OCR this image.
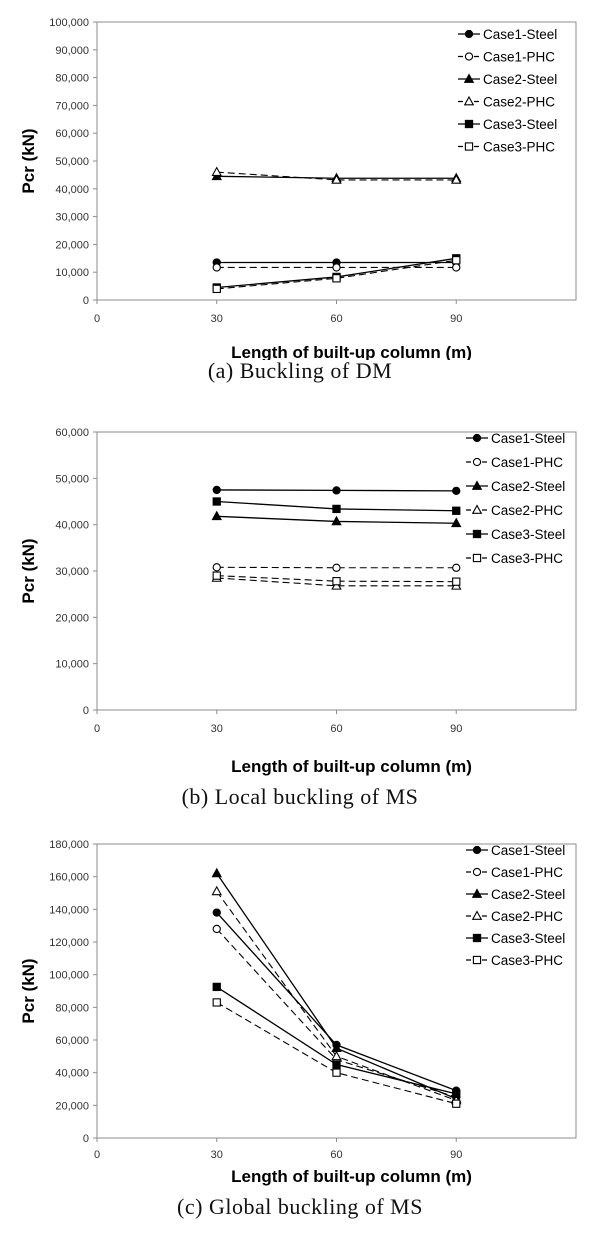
0
10,000
20,000
30,000
40,000
50,000
60,000
70,000
80,000
90,000
100,000
0	30	60	90
Length of built-up column (m)
Pcr (kN)
Case1-Steel
Case1-PHC
Case2-Steel
Case2-PHC
Case3-Steel
Case3-PHC
(a) Buckling of DM
0
10,000
20,000
30,000
40,000
50,000
60,000
0	30	60	90
Length of built-up column (m)
Pcr (kN)
Case1-Steel
Case1-PHC
Case2-Steel
Case2-PHC
Case3-Steel
Case3-PHC
(b) Local buckling of MS
0
20,000
40,000
60,000
80,000
100,000
120,000
140,000
160,000
180,000
0	30	60	90
Length of built-up column (m)
Pcr (kN)
Case1-Steel
Case1-PHC
Case2-Steel
Case2-PHC
Case3-Steel
Case3-PHC
(c) Global buckling of MS
